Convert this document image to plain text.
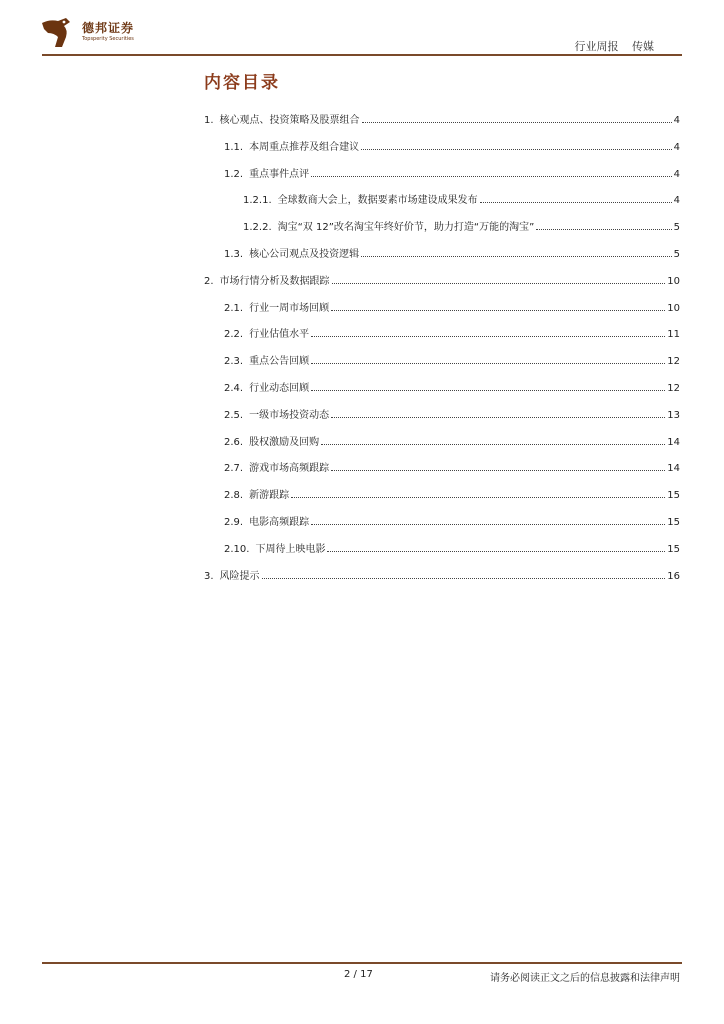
德邦证券
Topsperity Securities
行业周报 传媒
内容目录
1. 核心观点、投资策略及股票组合	4
1.1. 本周重点推荐及组合建议	4
1.2. 重点事件点评	4
1.2.1. 全球数商大会上，数据要素市场建设成果发布	4
1.2.2. 淘宝“双 12”改名淘宝年终好价节，助力打造“万能的淘宝”	5
1.3. 核心公司观点及投资逻辑	5
2. 市场行情分析及数据跟踪	10
2.1. 行业一周市场回顾	10
2.2. 行业估值水平	11
2.3. 重点公告回顾	12
2.4. 行业动态回顾	12
2.5. 一级市场投资动态	13
2.6. 股权激励及回购	14
2.7. 游戏市场高频跟踪	14
2.8. 新游跟踪	15
2.9. 电影高频跟踪	15
2.10. 下周待上映电影	15
3. 风险提示	16
2 / 17	请务必阅读正文之后的信息披露和法律声明
